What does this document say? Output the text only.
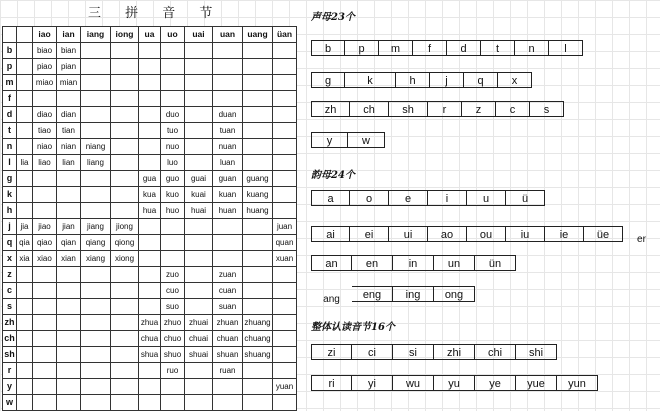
三 拼 音 节
		iao	ian	iang	iong	ua	uo	uai	uan	uang	üan
b		biao	bian								
p		piao	pian								
m		miao	mian								
f											
d		diao	dian				duo		duan		
t		tiao	tian				tuo		tuan		
n		niao	nian	niang			nuo		nuan		
l	lia	liao	lian	liang			luo		luan		
g						gua	guo	guai	guan	guang	
k						kua	kuo	kuai	kuan	kuang	
h						hua	huo	huai	huan	huang	
j	jia	jiao	jian	jiang	jiong						juan
q	qia	qiao	qian	qiang	qiong						quan
x	xia	xiao	xian	xiang	xiong						xuan
z							zuo		zuan		
c							cuo		cuan		
s							suo		suan		
zh						zhua	zhuo	zhuai	zhuan	zhuang	
ch						chua	chuo	chuai	chuan	chuang	
sh						shua	shuo	shuai	shuan	shuang	
r							ruo		ruan		
y											yuan
w											
声母23个
b	p	m	f	d	t	n	l
g	k	h	j	q	x
zh	ch	sh	r	z	c	s
y	w
韵母24个
a	o	e	i	u	ü
ai	ei	ui	ao	ou	iu	ie	üe	er
an	en	in	un	ün
ang	eng	ing	ong
整体认读音节16个
zi	ci	si	zhi	chi	shi
ri	yi	wu	yu	ye	yue	yun
